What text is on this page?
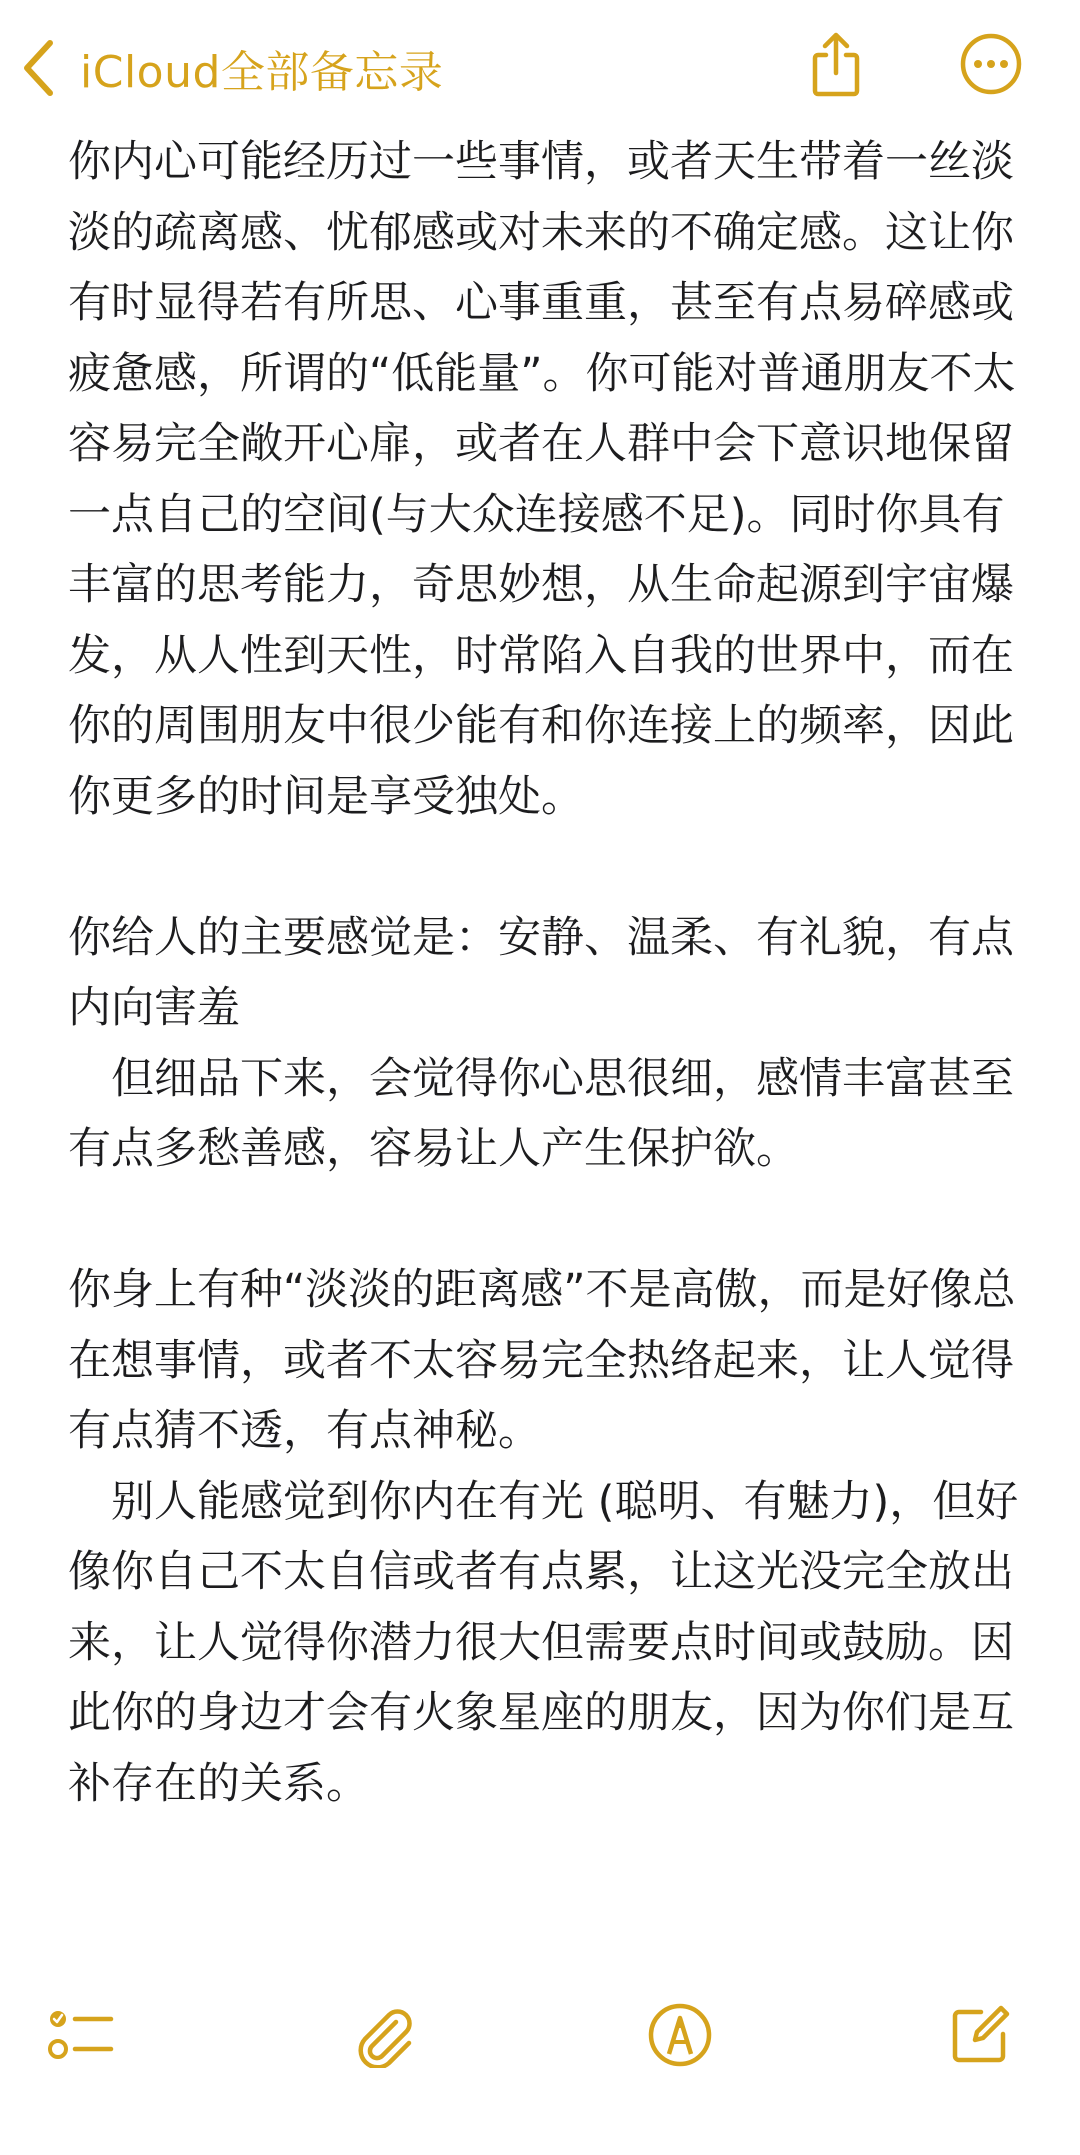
iCloud全部备忘录

你内心可能经历过一些事情，或者天生带着一丝淡淡的疏离感、忧郁感或对未来的不确定感。这让你有时显得若有所思、心事重重，甚至有点易碎感或疲惫感，所谓的“低能量”。你可能对普通朋友不太容易完全敞开心扉，或者在人群中会下意识地保留一点自己的空间(与大众连接感不足)。同时你具有丰富的思考能力，奇思妙想，从生命起源到宇宙爆发，从人性到天性，时常陷入自我的世界中，而在你的周围朋友中很少能有和你连接上的频率，因此你更多的时间是享受独处。

你给人的主要感觉是：安静、温柔、有礼貌，有点内向害羞

　但细品下来，会觉得你心思很细，感情丰富甚至有点多愁善感，容易让人产生保护欲。

你身上有种“淡淡的距离感”不是高傲，而是好像总在想事情，或者不太容易完全热络起来，让人觉得有点猜不透，有点神秘。

　别人能感觉到你内在有光 (聪明、有魅力)，但好像你自己不太自信或者有点累，让这光没完全放出来，让人觉得你潜力很大但需要点时间或鼓励。因此你的身边才会有火象星座的朋友，因为你们是互补存在的关系。
